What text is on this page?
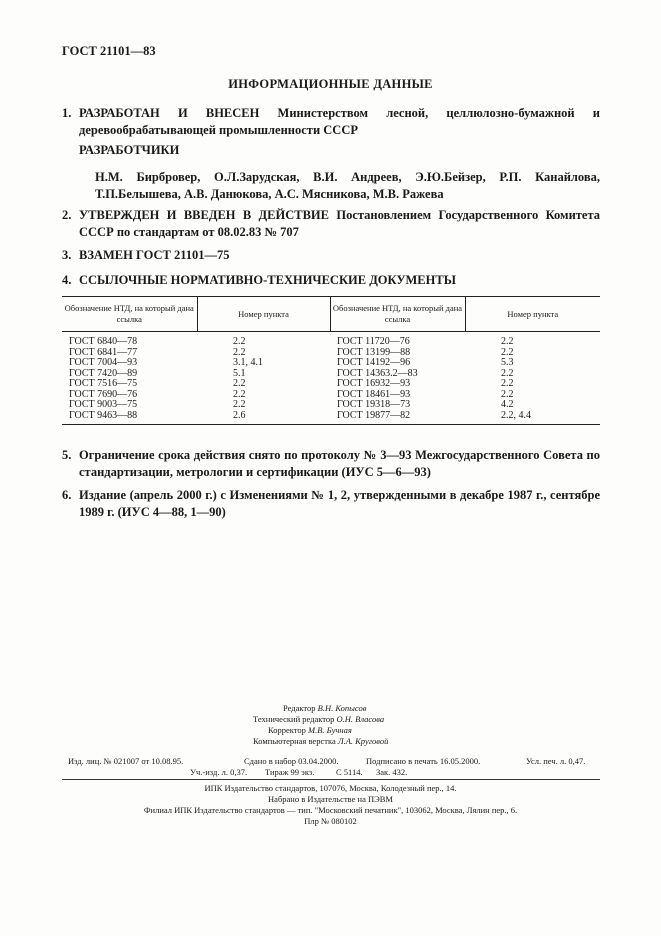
ГОСТ 21101—83
ИНФОРМАЦИОННЫЕ ДАННЫЕ
1. РАЗРАБОТАН И ВНЕСЕН Министерством лесной, целлюлозно-бумажной и деревообрабатывающей промышленности СССР
РАЗРАБОТЧИКИ
Н.М. Бирбровер, О.Л.Зарудская, В.И. Андреев, Э.Ю.Бейзер, Р.П. Канайлова, Т.П.Белышева, А.В. Данюкова, А.С. Мясникова, М.В. Ражева
2. УТВЕРЖДЕН И ВВЕДЕН В ДЕЙСТВИЕ Постановлением Государственного Комитета СССР по стандартам от 08.02.83 № 707
3. ВЗАМЕН ГОСТ 21101—75
4. ССЫЛОЧНЫЕ НОРМАТИВНО-ТЕХНИЧЕСКИЕ ДОКУМЕНТЫ
Обозначение НТД, на который дана ссылка	Номер пункта	Обозначение НТД, на который дана ссылка	Номер пункта
ГОСТ 6840—78	2.2	ГОСТ 11720—76	2.2
ГОСТ 6841—77	2.2	ГОСТ 13199—88	2.2
ГОСТ 7004—93	3.1, 4.1	ГОСТ 14192—96	5.3
ГОСТ 7420—89	5.1	ГОСТ 14363.2—83	2.2
ГОСТ 7516—75	2.2	ГОСТ 16932—93	2.2
ГОСТ 7690—76	2.2	ГОСТ 18461—93	2.2
ГОСТ 9003—75	2.2	ГОСТ 19318—73	4.2
ГОСТ 9463—88	2.6	ГОСТ 19877—82	2.2, 4.4
5. Ограничение срока действия снято по протоколу № 3—93 Межгосударственного Совета по стандартизации, метрологии и сертификации (ИУС 5—6—93)
6. Издание (апрель 2000 г.) с Изменениями № 1, 2, утвержденными в декабре 1987 г., сентябре 1989 г. (ИУС 4—88, 1—90)
Редактор В.Н. Копысов
Технический редактор О.Н. Власова
Корректор М.В. Бучная
Компьютерная верстка Л.А. Круговой
Изд. лиц. № 021007 от 10.08.95.	Сдано в набор 03.04.2000.	Подписано в печать 16.05.2000.	Усл. печ. л. 0,47.
Уч.-изд. л. 0,37. Тираж 99 экз.	С 5114. Зак. 432.
ИПК Издательство стандартов, 107076, Москва, Колодезный пер., 14.
Набрано в Издательстве на ПЭВМ
Филиал ИПК Издательство стандартов — тип. "Московский печатник", 103062, Москва, Лялин пер., 6.
Плр № 080102
